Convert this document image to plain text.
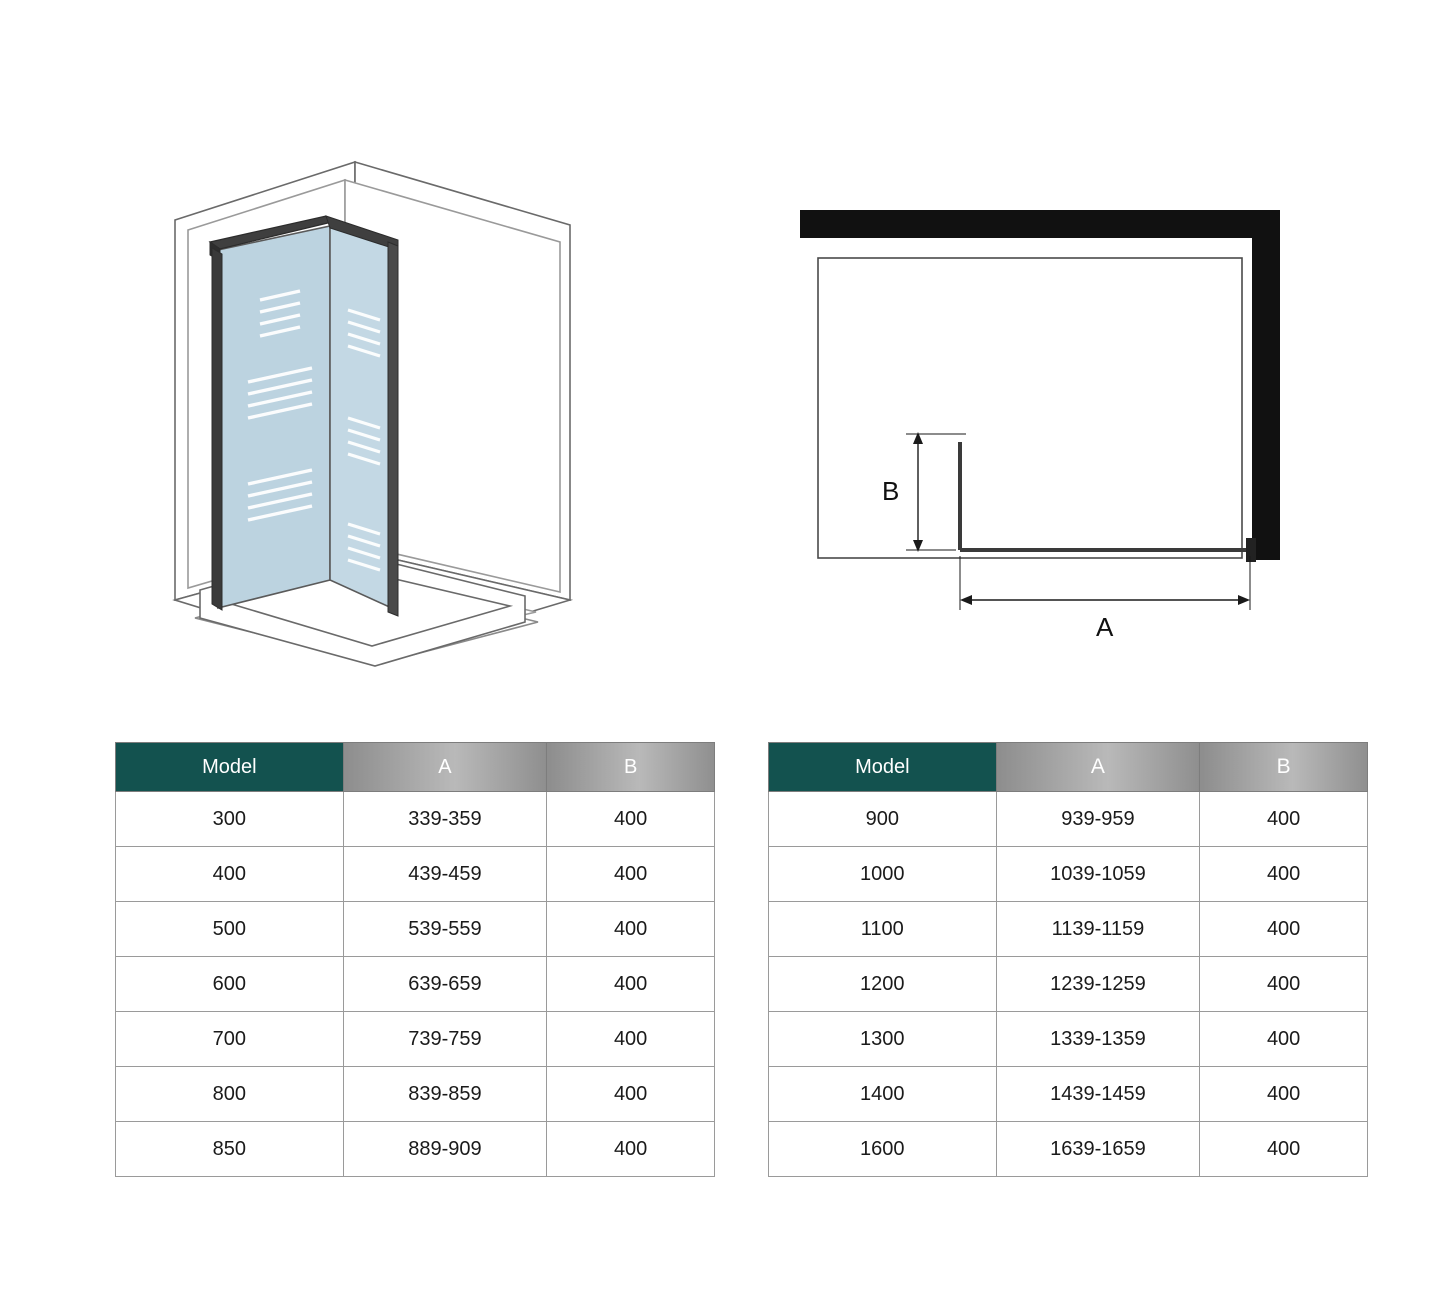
B
A
Model	A	B
300	339-359	400
400	439-459	400
500	539-559	400
600	639-659	400
700	739-759	400
800	839-859	400
850	889-909	400
Model	A	B
900	939-959	400
1000	1039-1059	400
1100	1139-1159	400
1200	1239-1259	400
1300	1339-1359	400
1400	1439-1459	400
1600	1639-1659	400
